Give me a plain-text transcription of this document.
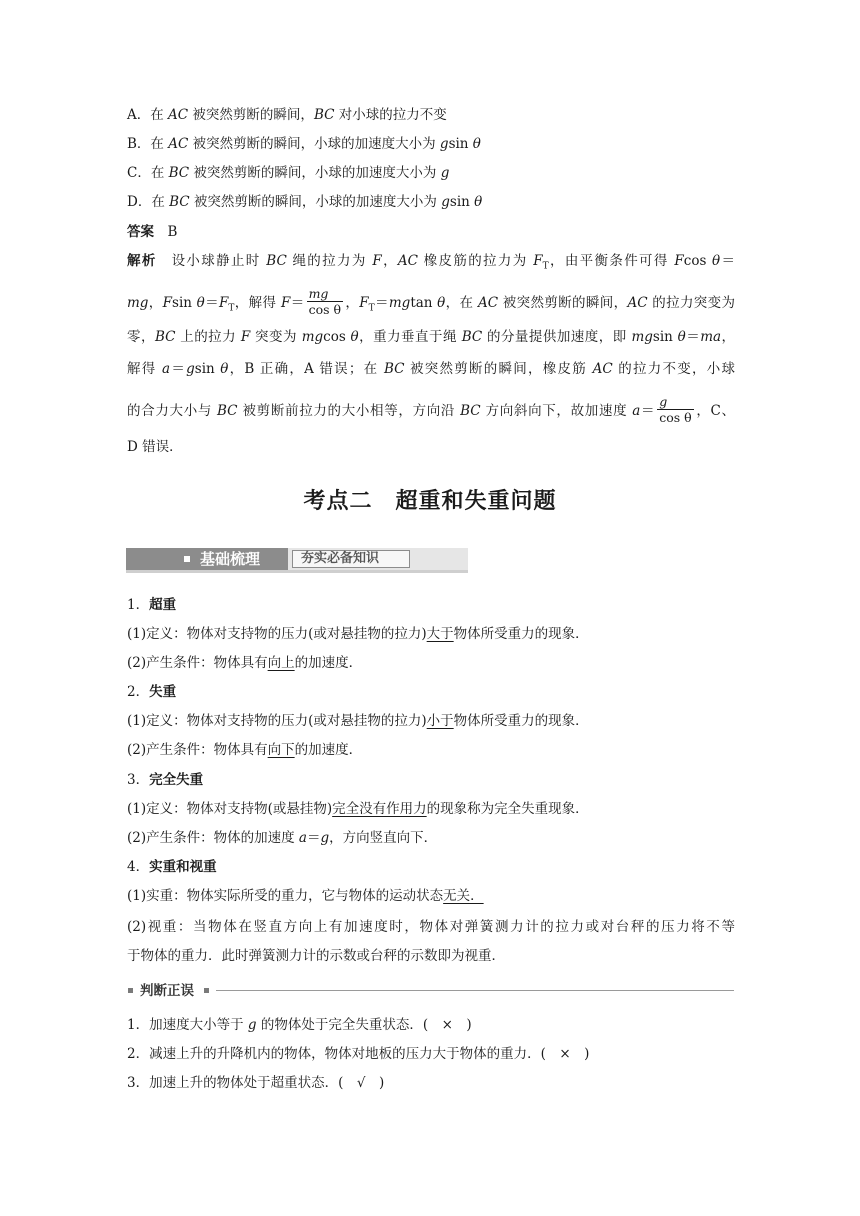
A．在 AC 被突然剪断的瞬间，BC 对小球的拉力不变
B．在 AC 被突然剪断的瞬间，小球的加速度大小为 gsin θ
C．在 BC 被突然剪断的瞬间，小球的加速度大小为 g
D．在 BC 被突然剪断的瞬间，小球的加速度大小为 gsin θ
答案　 B
解析　 设小球静止时 BC 绳的拉力为 F，AC 橡皮筋的拉力为 $F_T$，由平衡条件可得 Fcos θ＝
mg，Fsin $\theta=F_T$，解得 $F= \frac{mg}{\text{cos θ}}$ ，$F_T=mgtan$ θ，在 AC 被突然剪断的瞬间，AC 的拉力突变为
零，BC 上的拉力 F 突变为 mgcos θ，重力垂直于绳 BC 的分量提供加速度，即 mgsin θ＝ma，
解得 a＝gsin θ，B 正确，A 错误；在 BC 被突然剪断的瞬间，橡皮筋 AC 的拉力不变，小球
的合力大小与 BC 被剪断前拉力的大小相等，方向沿 BC 方向斜向下，故加速度 $a= \frac{g}{\text{cos θ}}$ ，C、
D 错误．
考点二　超重和失重问题
基础梳理	夯实必备知识
1．超重
(1)定义：物体对支持物的压力(或对悬挂物的拉力)大于物体所受重力的现象．
(2)产生条件：物体具有向上的加速度．
2．失重
(1)定义：物体对支持物的压力(或对悬挂物的拉力)小于物体所受重力的现象．
(2)产生条件：物体具有向下的加速度．
3．完全失重
(1)定义：物体对支持物(或悬挂物)完全没有作用力的现象称为完全失重现象．
(2)产生条件：物体的加速度 a＝g，方向竖直向下．
4．实重和视重
(1)实重：物体实际所受的重力，它与物体的运动状态无关．
(2)视重：当物体在竖直方向上有加速度时，物体对弹簧测力计的拉力或对台秤的压力将不等
于物体的重力．此时弹簧测力计的示数或台秤的示数即为视重．
判断正误
1．加速度大小等于 g 的物体处于完全失重状态．(　×　)
2．减速上升的升降机内的物体，物体对地板的压力大于物体的重力．(　×　)
3．加速上升的物体处于超重状态．(　√　)
